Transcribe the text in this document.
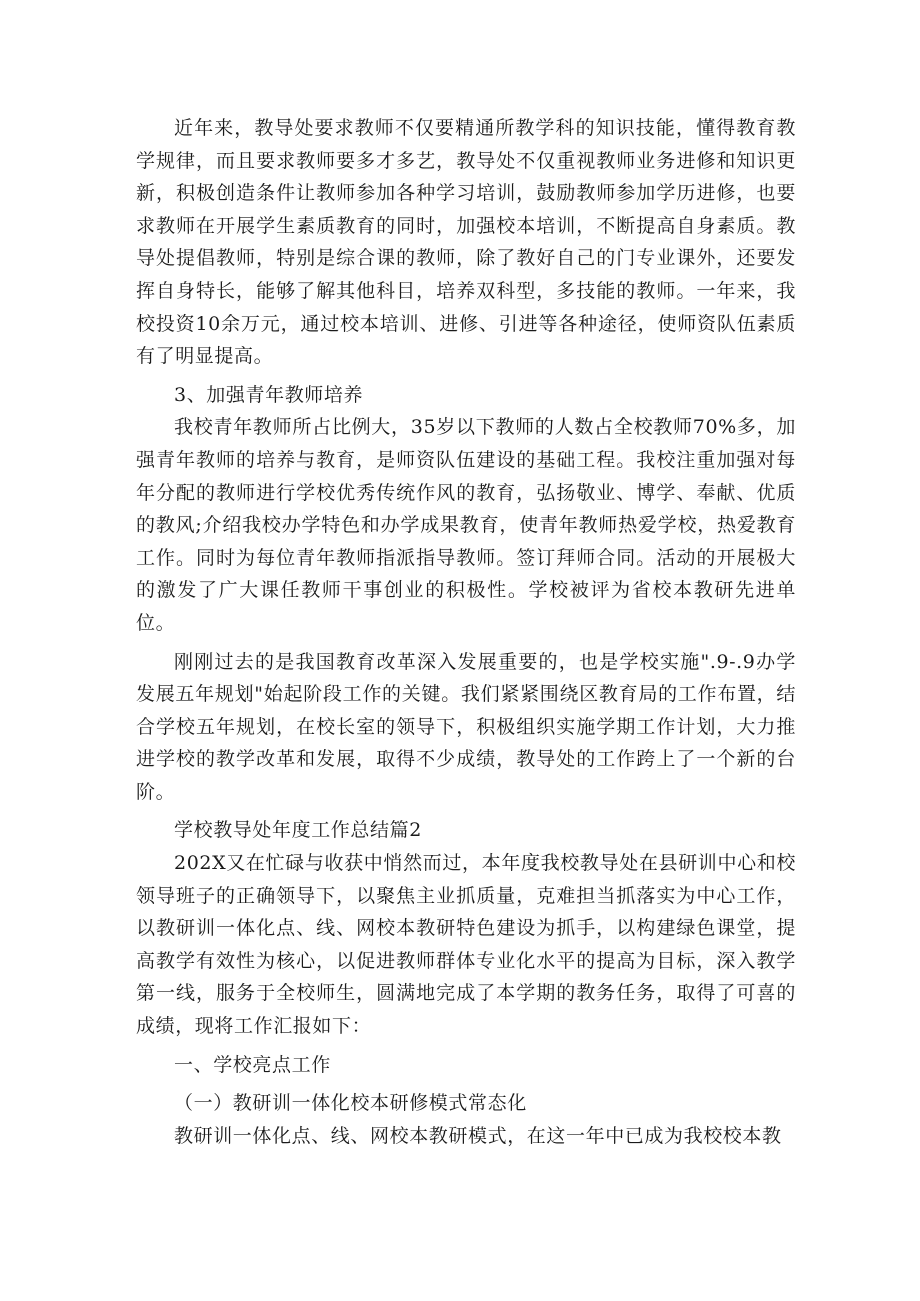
近年来，教导处要求教师不仅要精通所教学科的知识技能，懂得教育教学规律，而且要求教师要多才多艺，教导处不仅重视教师业务进修和知识更新，积极创造条件让教师参加各种学习培训，鼓励教师参加学历进修，也要求教师在开展学生素质教育的同时，加强校本培训，不断提高自身素质。教导处提倡教师，特别是综合课的教师，除了教好自己的门专业课外，还要发挥自身特长，能够了解其他科目，培养双科型，多技能的教师。一年来，我校投资10余万元，通过校本培训、进修、引进等各种途径，使师资队伍素质有了明显提高。

3、加强青年教师培养

我校青年教师所占比例大，35岁以下教师的人数占全校教师70%多，加强青年教师的培养与教育，是师资队伍建设的基础工程。我校注重加强对每年分配的教师进行学校优秀传统作风的教育，弘扬敬业、博学、奉献、优质的教风;介绍我校办学特色和办学成果教育，使青年教师热爱学校，热爱教育工作。同时为每位青年教师指派指导教师。签订拜师合同。活动的开展极大的激发了广大课任教师干事创业的积极性。学校被评为省校本教研先进单位。

刚刚过去的是我国教育改革深入发展重要的，也是学校实施".9-.9办学发展五年规划"始起阶段工作的关键。我们紧紧围绕区教育局的工作布置，结合学校五年规划，在校长室的领导下，积极组织实施学期工作计划，大力推进学校的教学改革和发展，取得不少成绩，教导处的工作跨上了一个新的台阶。

学校教导处年度工作总结篇2

202X又在忙碌与收获中悄然而过，本年度我校教导处在县研训中心和校领导班子的正确领导下，以聚焦主业抓质量，克难担当抓落实为中心工作，以教研训一体化点、线、网校本教研特色建设为抓手，以构建绿色课堂，提高教学有效性为核心，以促进教师群体专业化水平的提高为目标，深入教学第一线，服务于全校师生，圆满地完成了本学期的教务任务，取得了可喜的成绩，现将工作汇报如下：

一、学校亮点工作

（一）教研训一体化校本研修模式常态化

教研训一体化点、线、网校本教研模式，在这一年中已成为我校校本教
